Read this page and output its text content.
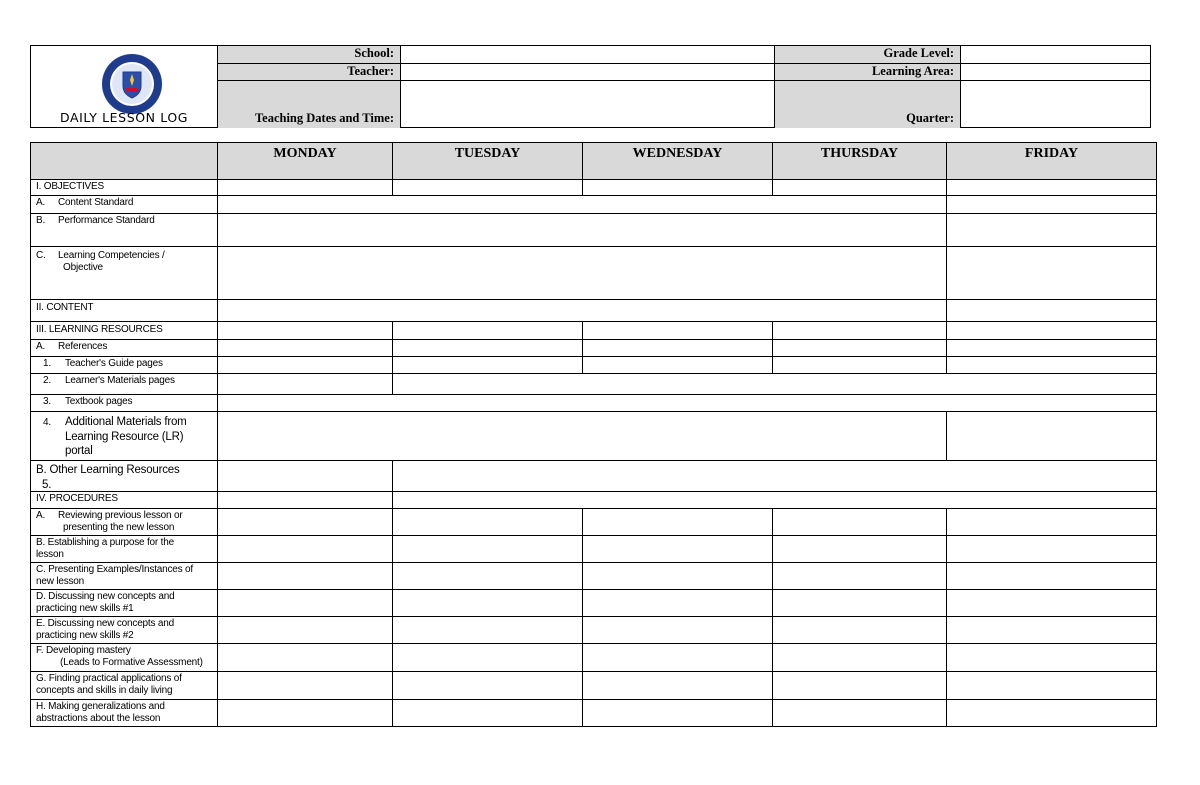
DAILY LESSON LOG
School:
Teacher:
Teaching Dates and Time:
Grade Level:
Learning Area:
Quarter:
MONDAY	TUESDAY	WEDNESDAY	THURSDAY	FRIDAY
I. OBJECTIVES
A. Content Standard
B. Performance Standard
C. Learning Competencies /
Objective
II. CONTENT
III. LEARNING RESOURCES
A. References
1. Teacher's Guide pages
2. Learner's Materials pages
3. Textbook pages
4. Additional Materials from
Learning Resource (LR)
portal
B. Other Learning Resources
5.
IV. PROCEDURES
A. Reviewing previous lesson or
presenting the new lesson
B. Establishing a purpose for the
lesson
C. Presenting Examples/Instances of
new lesson
D. Discussing new concepts and
practicing new skills #1
E. Discussing new concepts and
practicing new skills #2
F. Developing mastery
(Leads to Formative Assessment)
G. Finding practical applications of
concepts and skills in daily living
H. Making generalizations and
abstractions about the lesson
